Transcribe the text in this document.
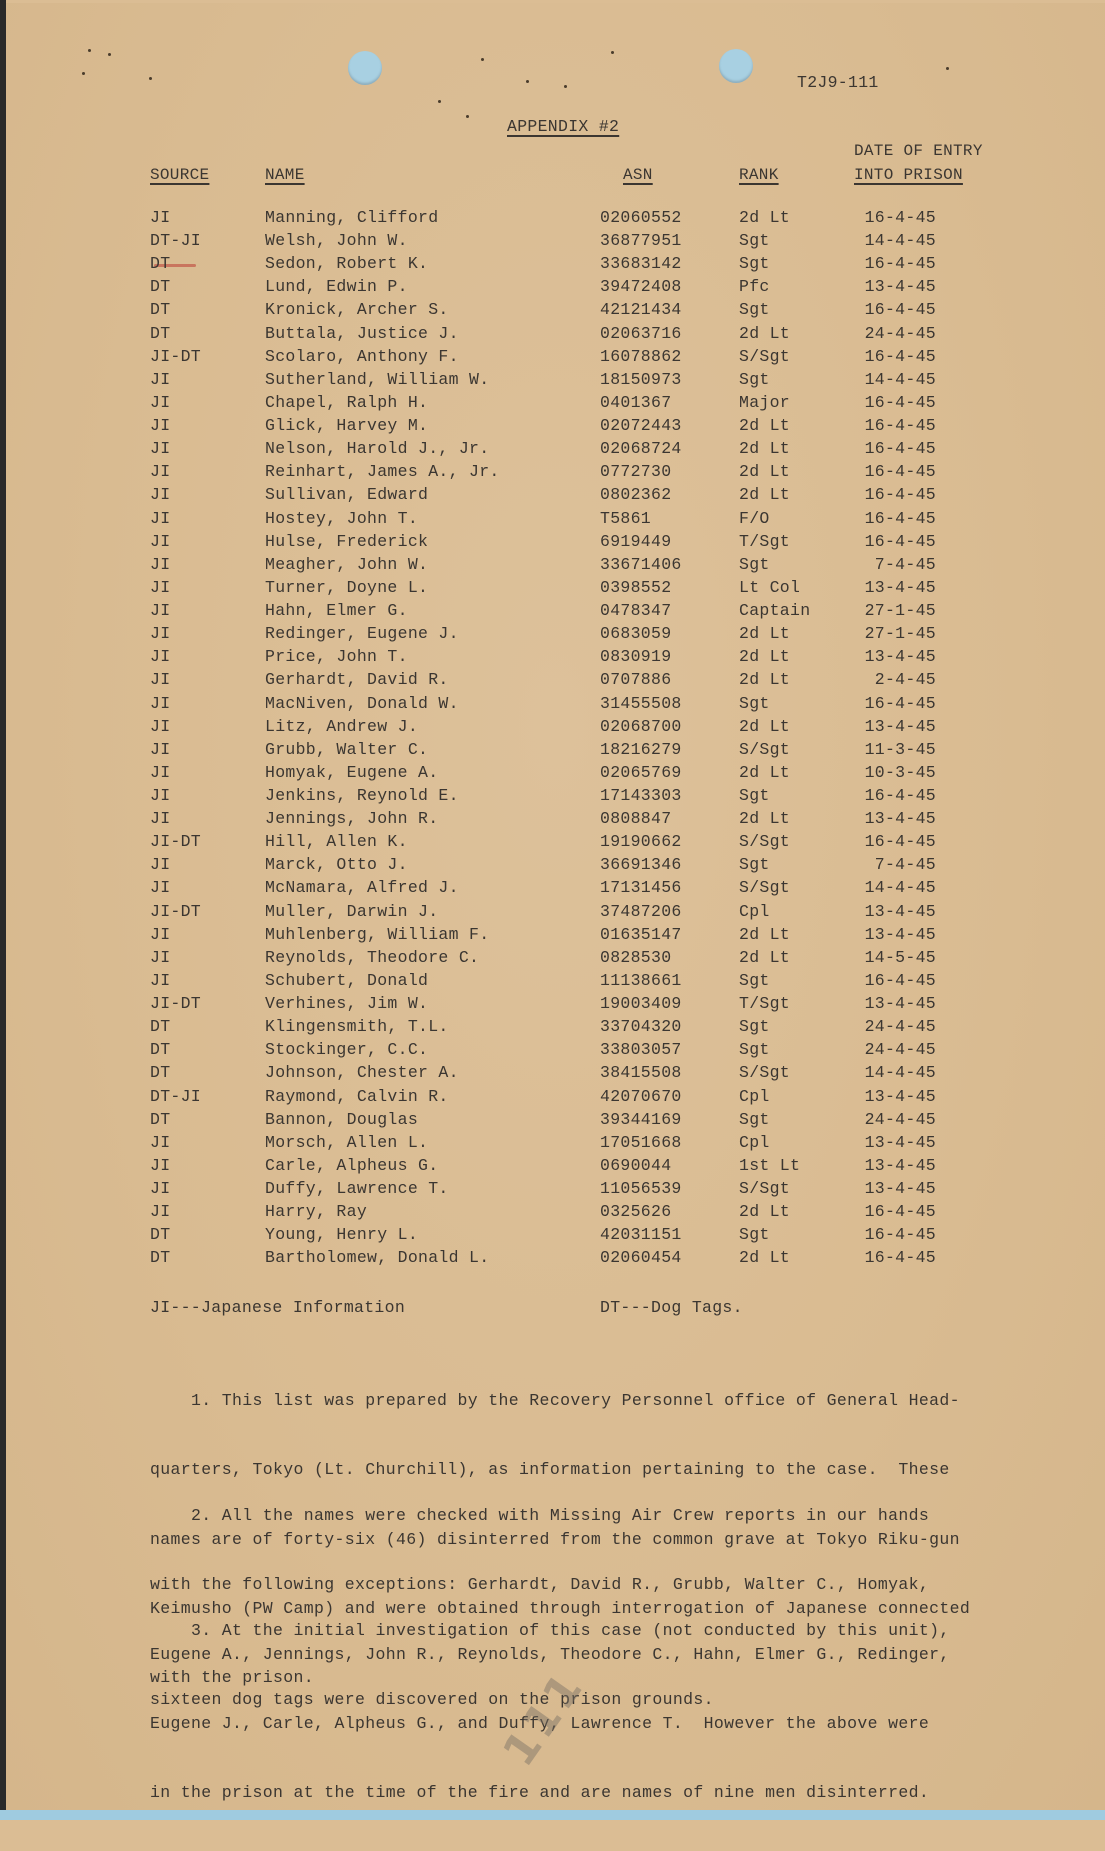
T2J9-111
APPENDIX #2
DATE OF ENTRY
SOURCE	NAME	ASN	RANK	INTO PRISON
JI	Manning, Clifford	02060552	2d Lt	16-4-45
DT-JI	Welsh, John W.	36877951	Sgt	14-4-45
DT	Sedon, Robert K.	33683142	Sgt	16-4-45
DT	Lund, Edwin P.	39472408	Pfc	13-4-45
DT	Kronick, Archer S.	42121434	Sgt	16-4-45
DT	Buttala, Justice J.	02063716	2d Lt	24-4-45
JI-DT	Scolaro, Anthony F.	16078862	S/Sgt	16-4-45
JI	Sutherland, William W.	18150973	Sgt	14-4-45
JI	Chapel, Ralph H.	0401367	Major	16-4-45
JI	Glick, Harvey M.	02072443	2d Lt	16-4-45
JI	Nelson, Harold J., Jr.	02068724	2d Lt	16-4-45
JI	Reinhart, James A., Jr.	0772730	2d Lt	16-4-45
JI	Sullivan, Edward	0802362	2d Lt	16-4-45
JI	Hostey, John T.	T5861	F/O	16-4-45
JI	Hulse, Frederick	6919449	T/Sgt	16-4-45
JI	Meagher, John W.	33671406	Sgt	7-4-45
JI	Turner, Doyne L.	0398552	Lt Col	13-4-45
JI	Hahn, Elmer G.	0478347	Captain	27-1-45
JI	Redinger, Eugene J.	0683059	2d Lt	27-1-45
JI	Price, John T.	0830919	2d Lt	13-4-45
JI	Gerhardt, David R.	0707886	2d Lt	2-4-45
JI	MacNiven, Donald W.	31455508	Sgt	16-4-45
JI	Litz, Andrew J.	02068700	2d Lt	13-4-45
JI	Grubb, Walter C.	18216279	S/Sgt	11-3-45
JI	Homyak, Eugene A.	02065769	2d Lt	10-3-45
JI	Jenkins, Reynold E.	17143303	Sgt	16-4-45
JI	Jennings, John R.	0808847	2d Lt	13-4-45
JI-DT	Hill, Allen K.	19190662	S/Sgt	16-4-45
JI	Marck, Otto J.	36691346	Sgt	7-4-45
JI	McNamara, Alfred J.	17131456	S/Sgt	14-4-45
JI-DT	Muller, Darwin J.	37487206	Cpl	13-4-45
JI	Muhlenberg, William F.	01635147	2d Lt	13-4-45
JI	Reynolds, Theodore C.	0828530	2d Lt	14-5-45
JI	Schubert, Donald	11138661	Sgt	16-4-45
JI-DT	Verhines, Jim W.	19003409	T/Sgt	13-4-45
DT	Klingensmith, T.L.	33704320	Sgt	24-4-45
DT	Stockinger, C.C.	33803057	Sgt	24-4-45
DT	Johnson, Chester A.	38415508	S/Sgt	14-4-45
DT-JI	Raymond, Calvin R.	42070670	Cpl	13-4-45
DT	Bannon, Douglas	39344169	Sgt	24-4-45
JI	Morsch, Allen L.	17051668	Cpl	13-4-45
JI	Carle, Alpheus G.	0690044	1st Lt	13-4-45
JI	Duffy, Lawrence T.	11056539	S/Sgt	13-4-45
JI	Harry, Ray	0325626	2d Lt	16-4-45
DT	Young, Henry L.	42031151	Sgt	16-4-45
DT	Bartholomew, Donald L.	02060454	2d Lt	16-4-45
JI---Japanese Information	DT---Dog Tags.

1. This list was prepared by the Recovery Personnel office of General Head-

quarters, Tokyo (Lt. Churchill), as information pertaining to the case.  These

names are of forty-six (46) disinterred from the common grave at Tokyo Riku-gun

Keimusho (PW Camp) and were obtained through interrogation of Japanese connected

with the prison.

2. All the names were checked with Missing Air Crew reports in our hands

with the following exceptions: Gerhardt, David R., Grubb, Walter C., Homyak,

Eugene A., Jennings, John R., Reynolds, Theodore C., Hahn, Elmer G., Redinger,

Eugene J., Carle, Alpheus G., and Duffy, Lawrence T.  However the above were

in the prison at the time of the fire and are names of nine men disinterred.

3. At the initial investigation of this case (not conducted by this unit),

sixteen dog tags were discovered on the prison grounds.

111
